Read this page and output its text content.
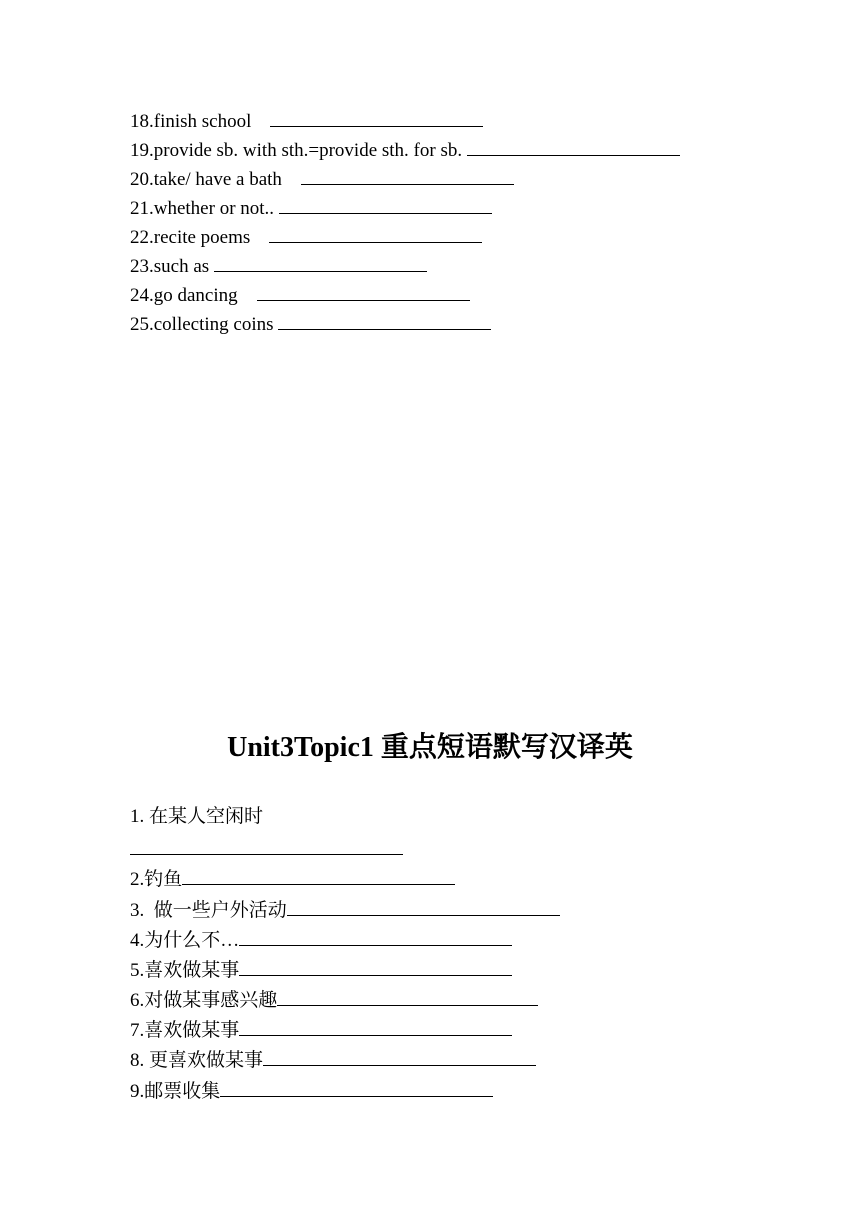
18.finish school
19.provide sb. with sth.=provide sth. for sb.
20.take/ have a bath
21.whether or not..
22.recite poems
23.such as
24.go dancing
25.collecting coins
Unit3Topic1 重点短语默写汉译英
1. 在某人空闲时
2.钓鱼
3.  做一些户外活动
4.为什么不…
5.喜欢做某事
6.对做某事感兴趣
7.喜欢做某事
8. 更喜欢做某事
9.邮票收集
